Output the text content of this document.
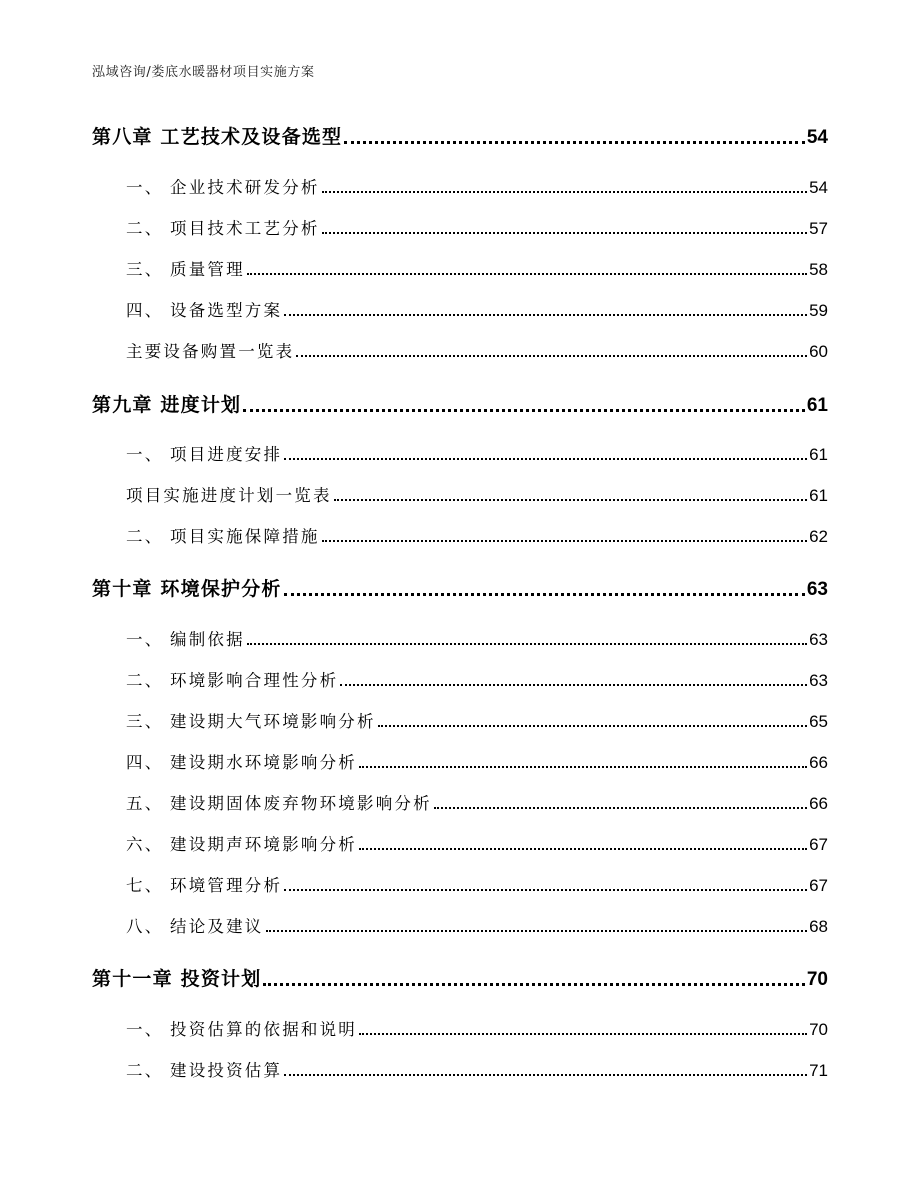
泓域咨询/娄底水暖器材项目实施方案
第八章 工艺技术及设备选型	54
一、 企业技术研发分析	54
二、 项目技术工艺分析	57
三、 质量管理	58
四、 设备选型方案	59
主要设备购置一览表	60
第九章 进度计划	61
一、 项目进度安排	61
项目实施进度计划一览表	61
二、 项目实施保障措施	62
第十章 环境保护分析	63
一、 编制依据	63
二、 环境影响合理性分析	63
三、 建设期大气环境影响分析	65
四、 建设期水环境影响分析	66
五、 建设期固体废弃物环境影响分析	66
六、 建设期声环境影响分析	67
七、 环境管理分析	67
八、 结论及建议	68
第十一章 投资计划	70
一、 投资估算的依据和说明	70
二、 建设投资估算	71
